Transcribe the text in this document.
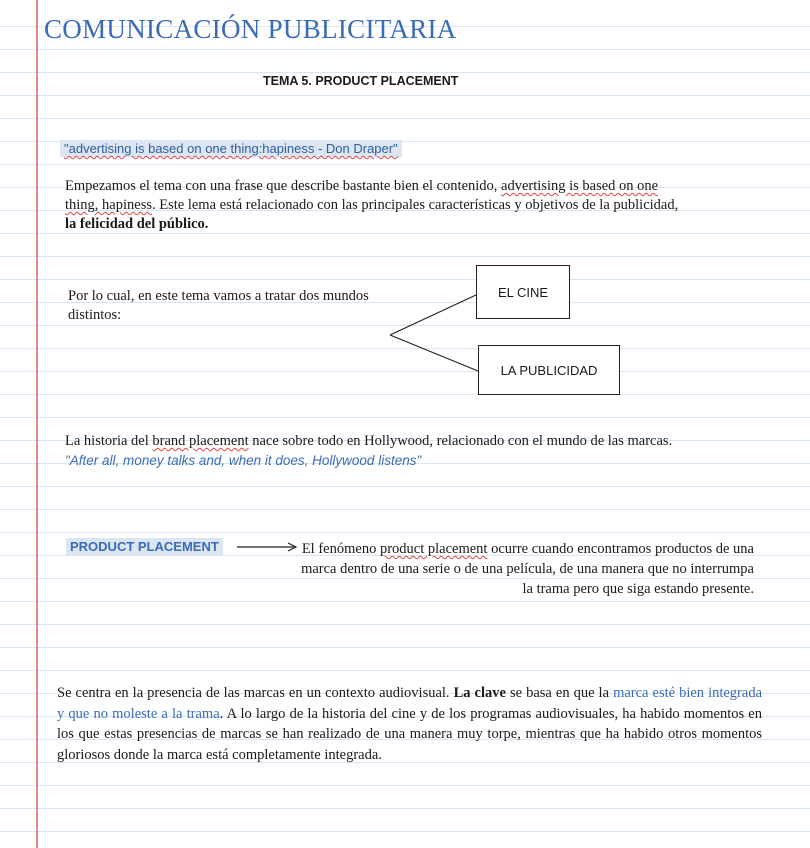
COMUNICACIÓN PUBLICITARIA
TEMA 5. PRODUCT PLACEMENT
"advertising is based on one thing:hapiness - Don Draper"
Empezamos el tema con una frase que describe bastante bien el contenido, advertising is based on one thing, hapiness. Este lema está relacionado con las principales características y objetivos de la publicidad, la felicidad del público.
Por lo cual, en este tema vamos a tratar dos mundos distintos:
EL CINE
LA PUBLICIDAD
La historia del brand placement nace sobre todo en Hollywood, relacionado con el mundo de las marcas. "After all, money talks and, when it does, Hollywood listens"
PRODUCT PLACEMENT	El fenómeno product placement ocurre cuando encontramos productos de una marca dentro de una serie o de una película, de una manera que no interrumpa la trama pero que siga estando presente.
Se centra en la presencia de las marcas en un contexto audiovisual. La clave se basa en que la marca esté bien integrada y que no moleste a la trama. A lo largo de la historia del cine y de los programas audiovisuales, ha habido momentos en los que estas presencias de marcas se han realizado de una manera muy torpe, mientras que ha habido otros momentos gloriosos donde la marca está completamente integrada.
